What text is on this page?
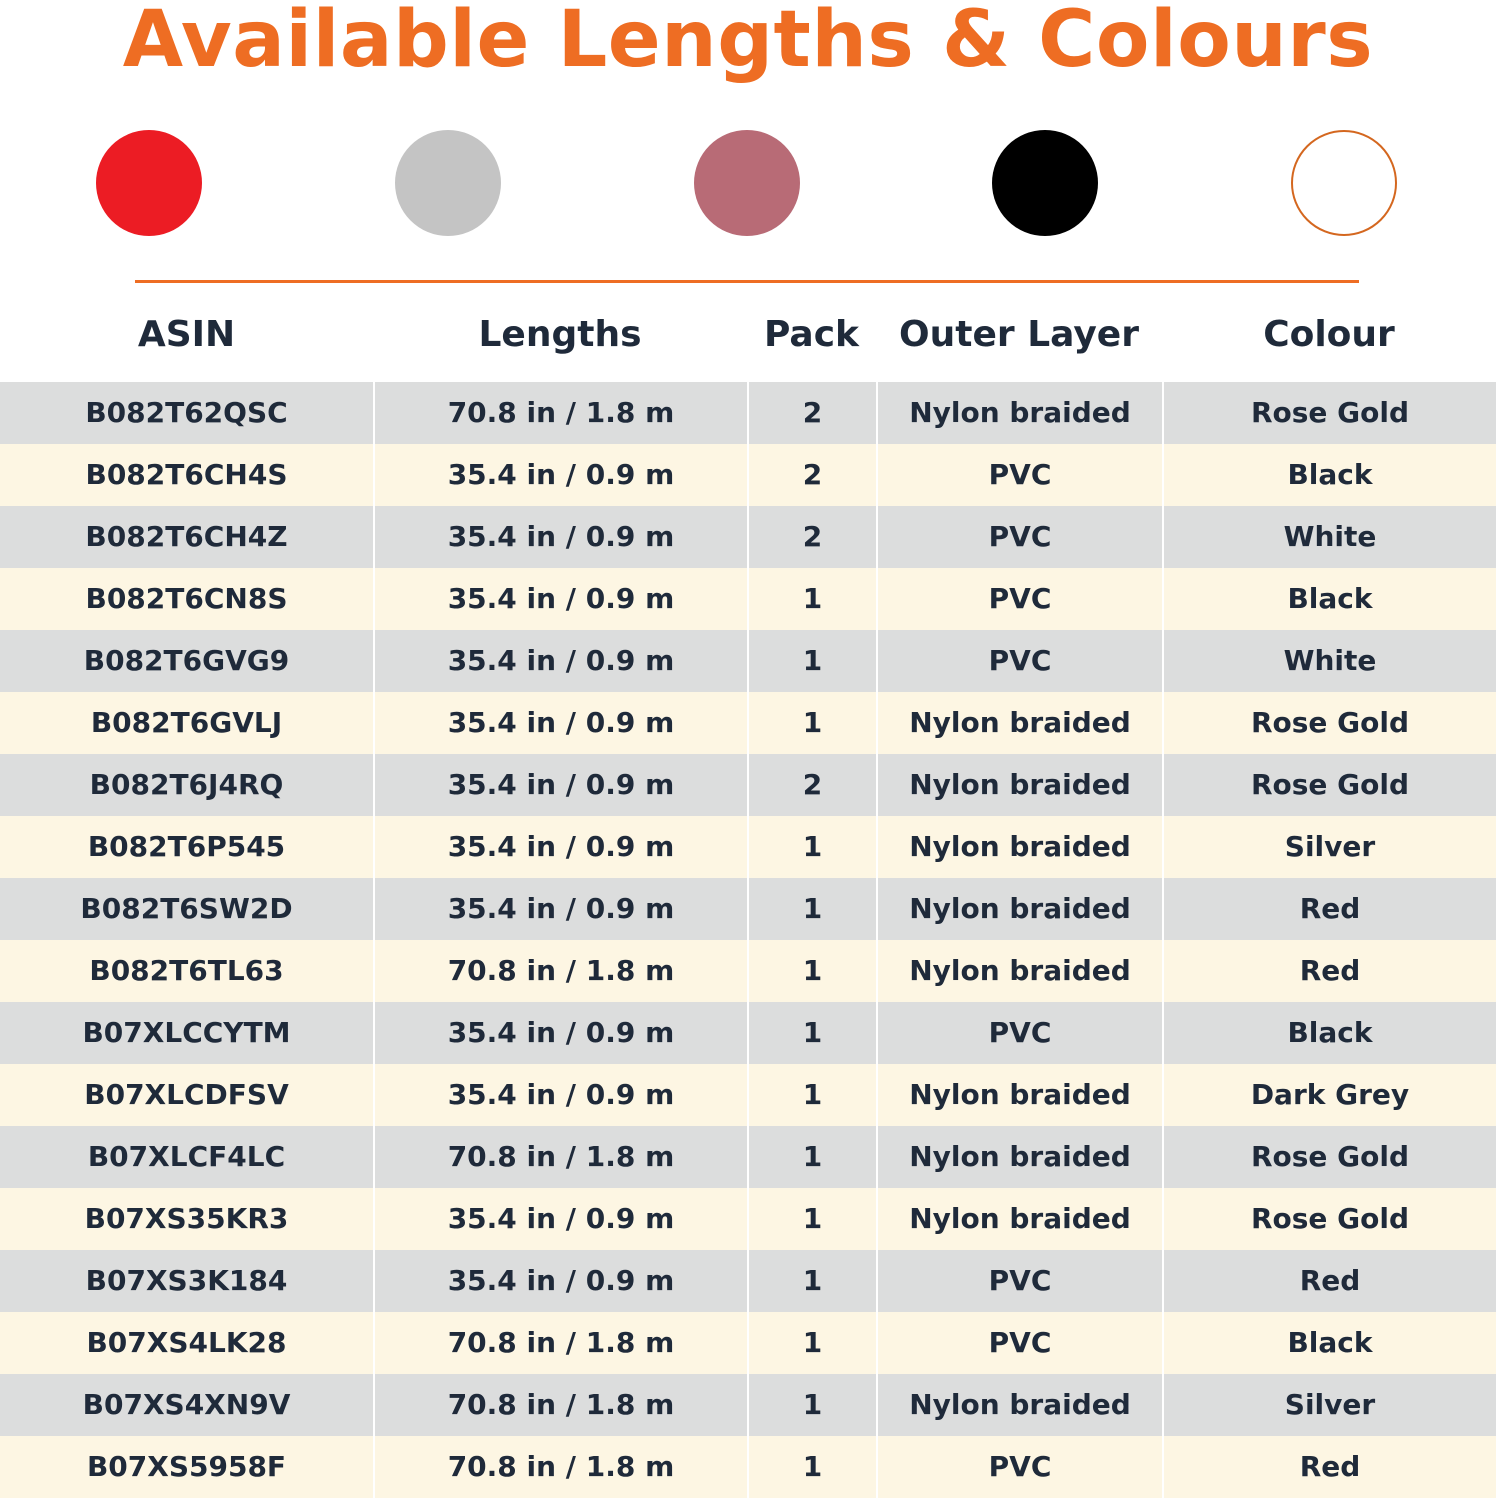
Available Lengths & Colours
ASIN	Lengths	Pack	Outer Layer	Colour
B082T62QSC	70.8 in / 1.8 m	2	Nylon braided	Rose Gold
B082T6CH4S	35.4 in / 0.9 m	2	PVC	Black
B082T6CH4Z	35.4 in / 0.9 m	2	PVC	White
B082T6CN8S	35.4 in / 0.9 m	1	PVC	Black
B082T6GVG9	35.4 in / 0.9 m	1	PVC	White
B082T6GVLJ	35.4 in / 0.9 m	1	Nylon braided	Rose Gold
B082T6J4RQ	35.4 in / 0.9 m	2	Nylon braided	Rose Gold
B082T6P545	35.4 in / 0.9 m	1	Nylon braided	Silver
B082T6SW2D	35.4 in / 0.9 m	1	Nylon braided	Red
B082T6TL63	70.8 in / 1.8 m	1	Nylon braided	Red
B07XLCCYTM	35.4 in / 0.9 m	1	PVC	Black
B07XLCDFSV	35.4 in / 0.9 m	1	Nylon braided	Dark Grey
B07XLCF4LC	70.8 in / 1.8 m	1	Nylon braided	Rose Gold
B07XS35KR3	35.4 in / 0.9 m	1	Nylon braided	Rose Gold
B07XS3K184	35.4 in / 0.9 m	1	PVC	Red
B07XS4LK28	70.8 in / 1.8 m	1	PVC	Black
B07XS4XN9V	70.8 in / 1.8 m	1	Nylon braided	Silver
B07XS5958F	70.8 in / 1.8 m	1	PVC	Red
